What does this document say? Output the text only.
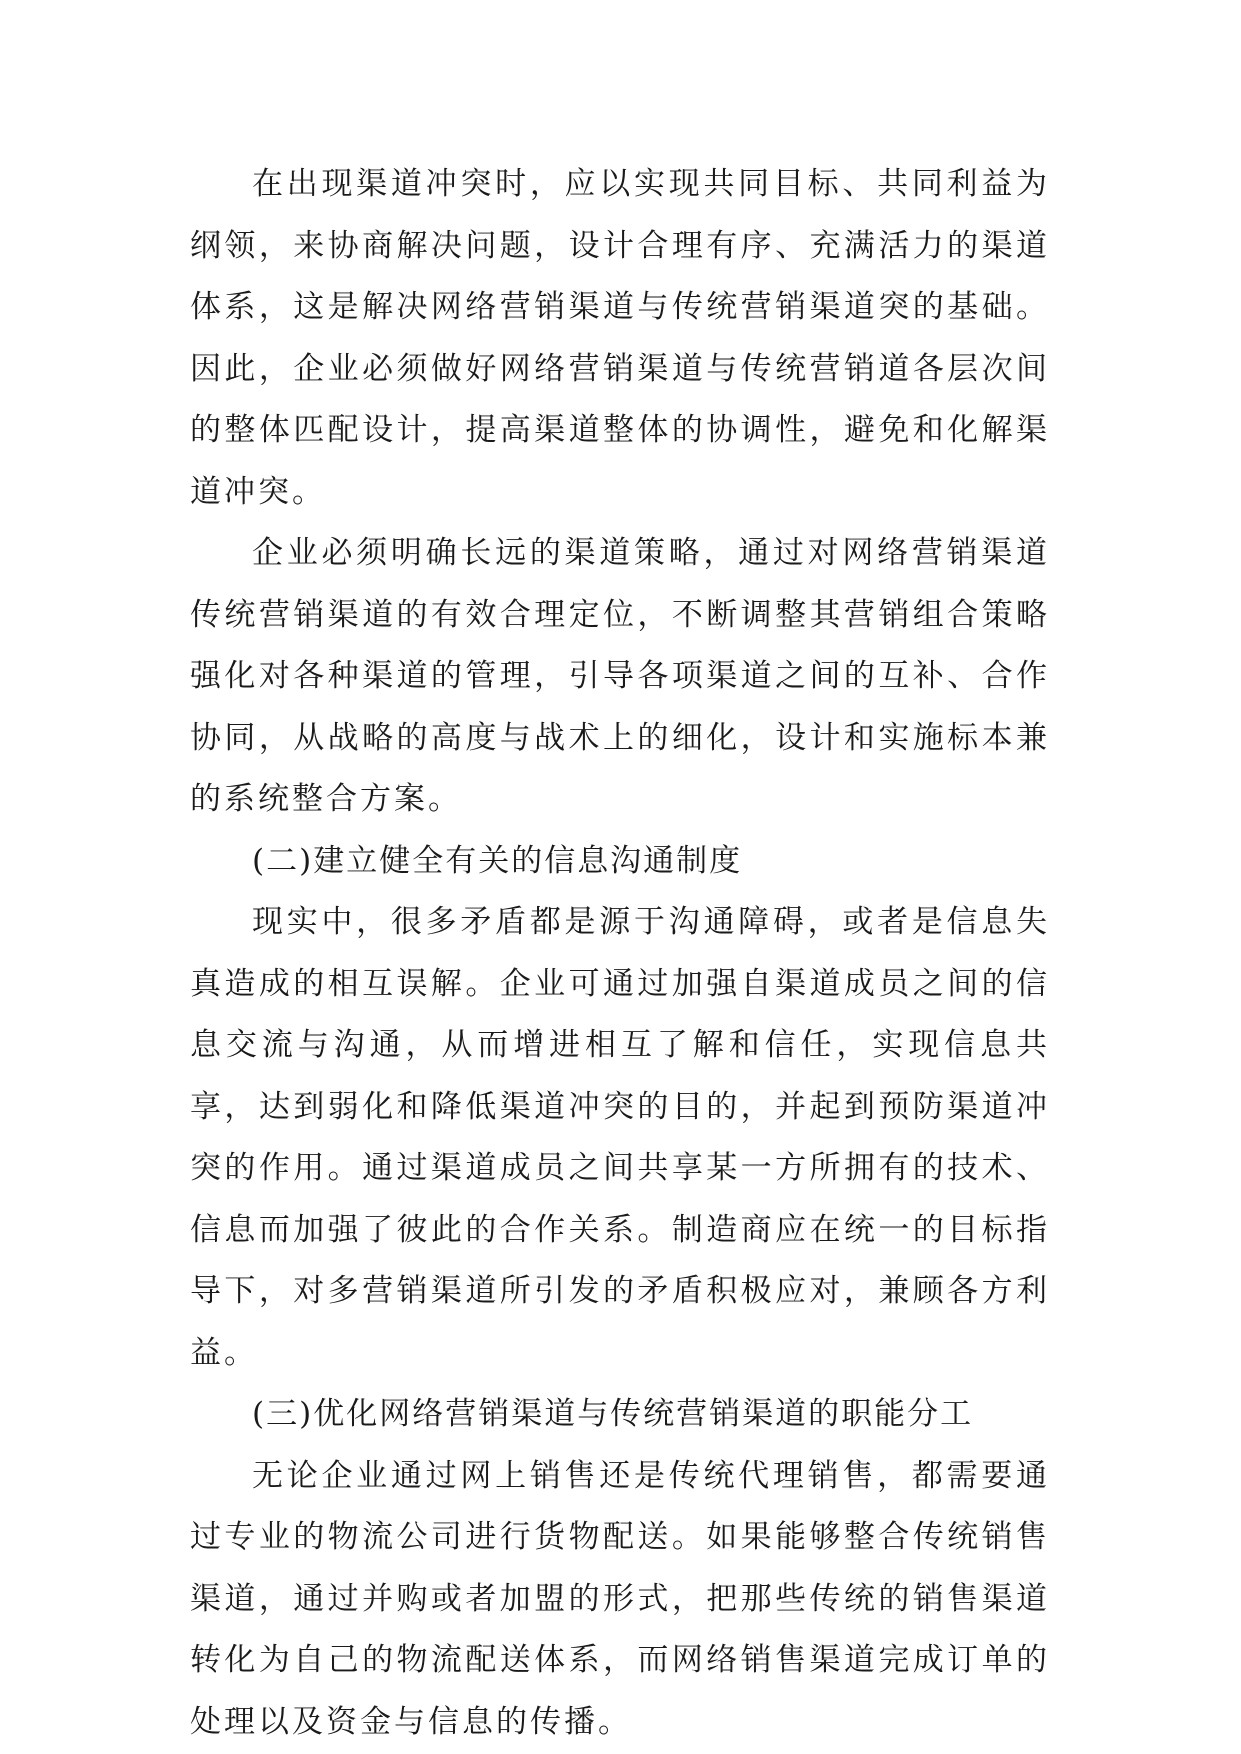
在出现渠道冲突时，应以实现共同目标、共同利益为纲领，来协商解决问题，设计合理有序、充满活力的渠道体系，这是解决网络营销渠道与传统营销渠道突的基础。因此，企业必须做好网络营销渠道与传统营销道各层次间的整体匹配设计，提高渠道整体的协调性，避免和化解渠道冲突。

企业必须明确长远的渠道策略，通过对网络营销渠道传统营销渠道的有效合理定位，不断调整其营销组合策略强化对各种渠道的管理，引导各项渠道之间的互补、合作协同，从战略的高度与战术上的细化，设计和实施标本兼的系统整合方案。

(二)建立健全有关的信息沟通制度

现实中，很多矛盾都是源于沟通障碍，或者是信息失真造成的相互误解。企业可通过加强自渠道成员之间的信息交流与沟通，从而增进相互了解和信任，实现信息共享，达到弱化和降低渠道冲突的目的，并起到预防渠道冲突的作用。通过渠道成员之间共享某一方所拥有的技术、信息而加强了彼此的合作关系。制造商应在统一的目标指导下，对多营销渠道所引发的矛盾积极应对，兼顾各方利益。

(三)优化网络营销渠道与传统营销渠道的职能分工

无论企业通过网上销售还是传统代理销售，都需要通过专业的物流公司进行货物配送。如果能够整合传统销售渠道，通过并购或者加盟的形式，把那些传统的销售渠道转化为自己的物流配送体系，而网络销售渠道完成订单的处理以及资金与信息的传播。
